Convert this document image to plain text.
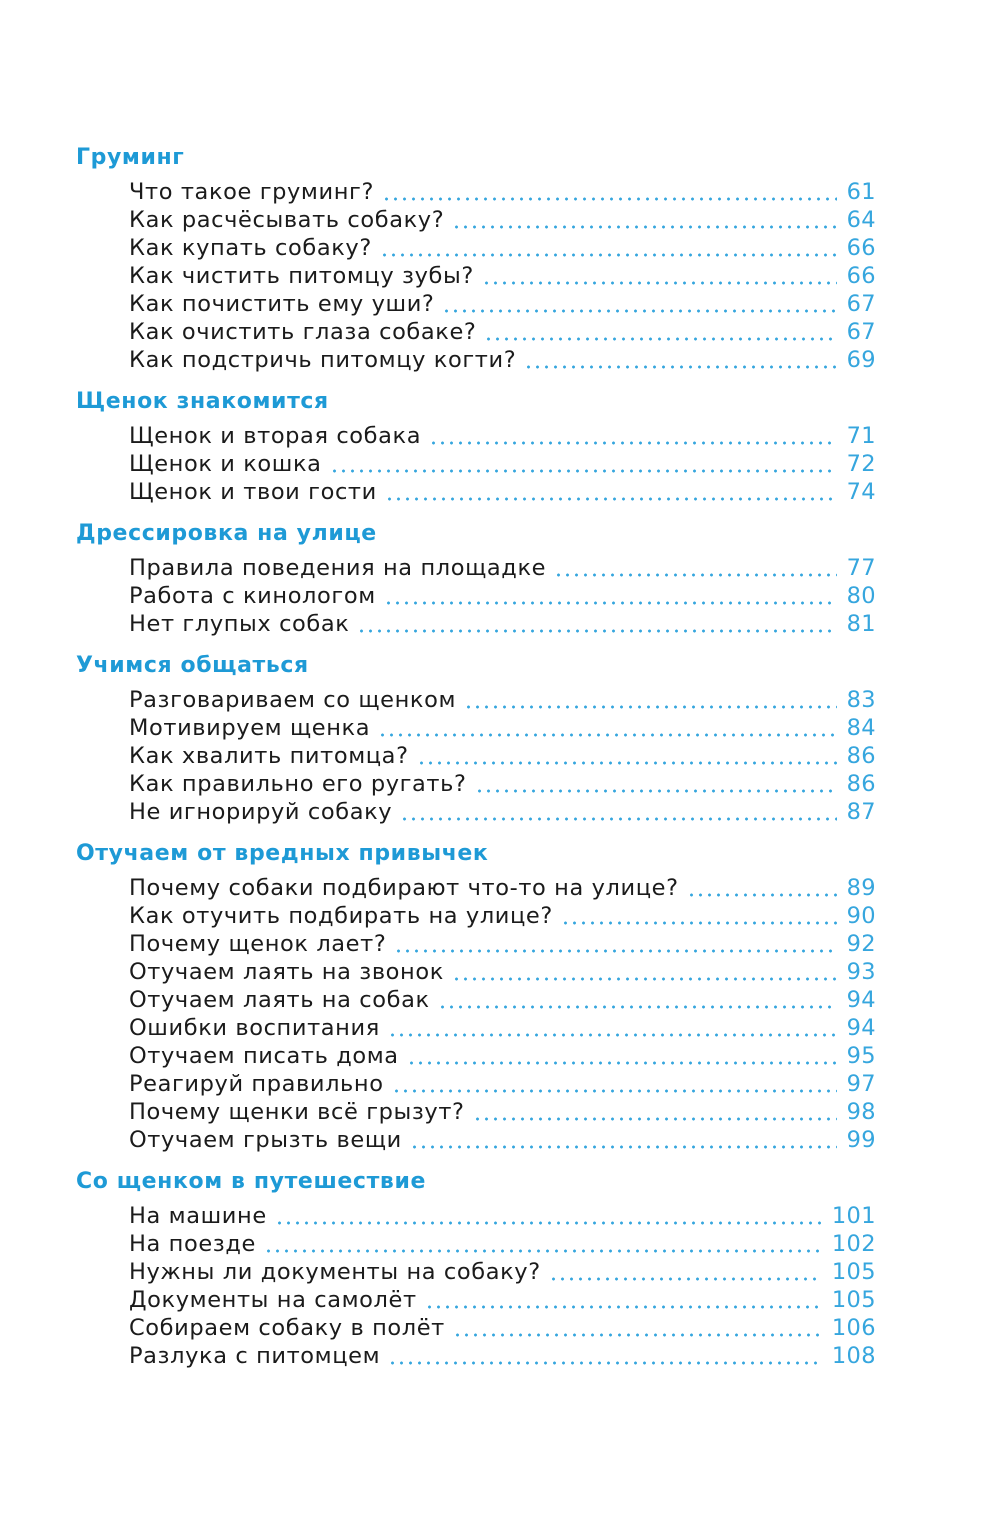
Груминг
Что такое груминг?	61
Как расчёсывать собаку?	64
Как купать собаку?	66
Как чистить питомцу зубы?	66
Как почистить ему уши?	67
Как очистить глаза собаке?	67
Как подстричь питомцу когти?	69
Щенок знакомится
Щенок и вторая собака	71
Щенок и кошка	72
Щенок и твои гости	74
Дрессировка на улице
Правила поведения на площадке	77
Работа с кинологом	80
Нет глупых собак	81
Учимся общаться
Разговариваем со щенком	83
Мотивируем щенка	84
Как хвалить питомца?	86
Как правильно его ругать?	86
Не игнорируй собаку	87
Отучаем от вредных привычек
Почему собаки подбирают что-то на улице?	89
Как отучить подбирать на улице?	90
Почему щенок лает?	92
Отучаем лаять на звонок	93
Отучаем лаять на собак	94
Ошибки воспитания	94
Отучаем писать дома	95
Реагируй правильно	97
Почему щенки всё грызут?	98
Отучаем грызть вещи	99
Со щенком в путешествие
На машине	101
На поезде	102
Нужны ли документы на собаку?	105
Документы на самолёт	105
Собираем собаку в полёт	106
Разлука с питомцем	108
